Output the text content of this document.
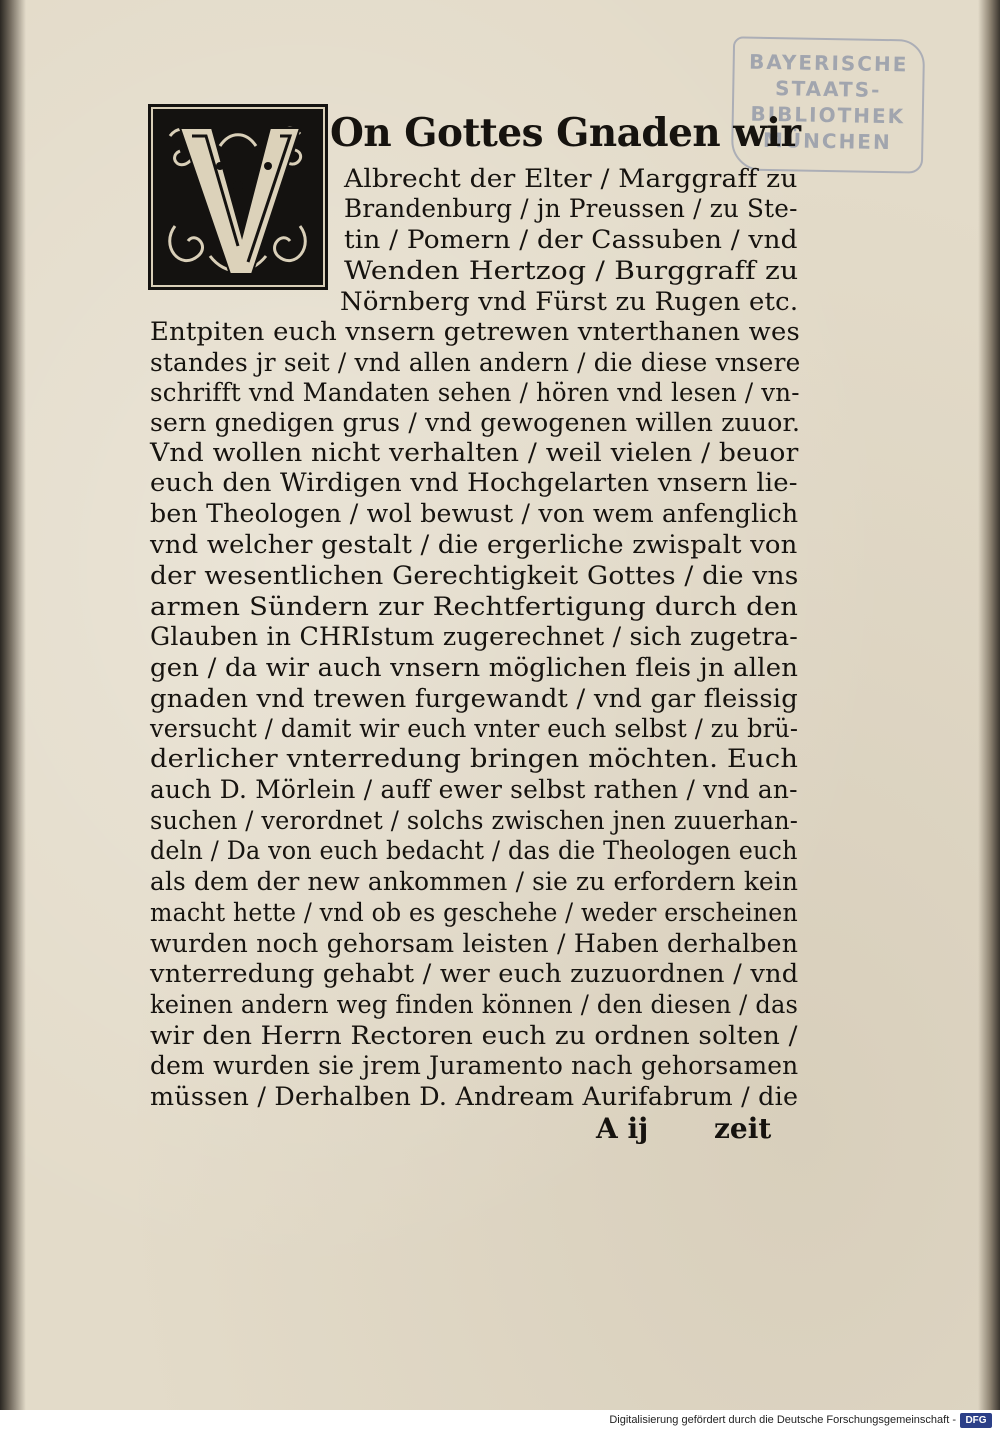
BAYERISCHE
STAATS-
BIBLIOTHEK
MÜNCHEN
On Gottes Gnaden wir
Albrecht der Elter / Marggraff zu
Brandenburg / jn Preussen / zu Ste-
tin / Pomern / der Cassuben / vnd
Wenden Hertzog / Burggraff zu
Nörnberg vnd Fürst zu Rugen etc.
Entpiten euch vnsern getrewen vnterthanen wes
standes jr seit / vnd allen andern / die diese vnsere
schrifft vnd Mandaten sehen / hören vnd lesen / vn-
sern gnedigen grus / vnd gewogenen willen zuuor.
Vnd wollen nicht verhalten / weil vielen / beuor
euch den Wirdigen vnd Hochgelarten vnsern lie-
ben Theologen / wol bewust / von wem anfenglich
vnd welcher gestalt / die ergerliche zwispalt von
der wesentlichen Gerechtigkeit Gottes / die vns
armen Sündern zur Rechtfertigung durch den
Glauben in CHRIstum zugerechnet / sich zugetra-
gen / da wir auch vnsern möglichen fleis jn allen
gnaden vnd trewen furgewandt / vnd gar fleissig
versucht / damit wir euch vnter euch selbst / zu brü-
derlicher vnterredung bringen möchten. Euch
auch D. Mörlein / auff ewer selbst rathen / vnd an-
suchen / verordnet / solchs zwischen jnen zuuerhan-
deln / Da von euch bedacht / das die Theologen euch
als dem der new ankommen / sie zu erfordern kein
macht hette / vnd ob es geschehe / weder erscheinen
wurden noch gehorsam leisten / Haben derhalben
vnterredung gehabt / wer euch zuzuordnen / vnd
keinen andern weg finden können / den diesen / das
wir den Herrn Rectoren euch zu ordnen solten /
dem wurden sie jrem Juramento nach gehorsamen
müssen / Derhalben D. Andream Aurifabrum / die
A ij zeit
Digitalisierung gefördert durch die Deutsche Forschungsgemeinschaft - DFG
